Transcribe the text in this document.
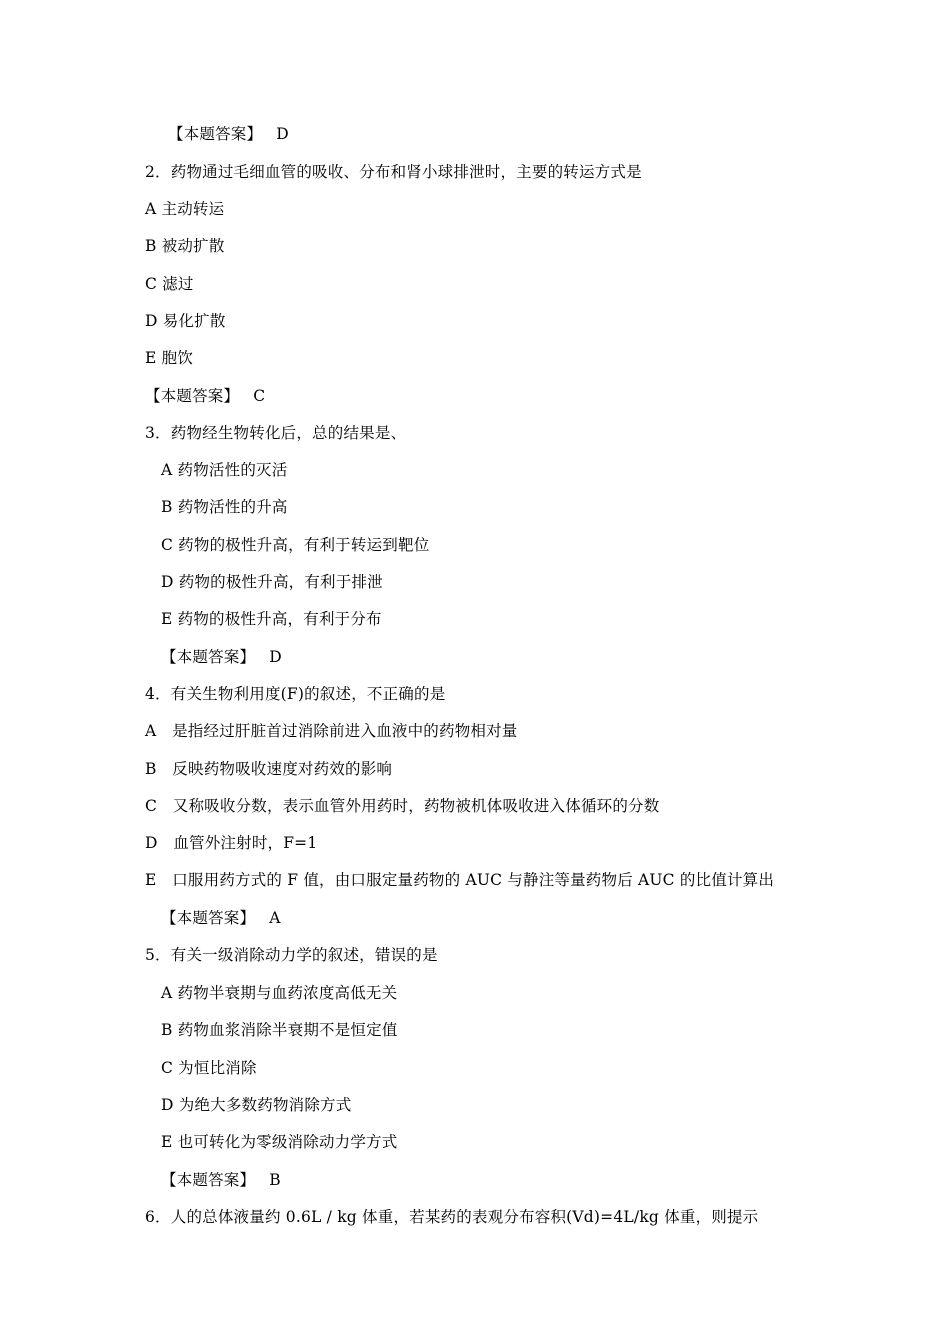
【本题答案】 D
2．药物通过毛细血管的吸收、分布和肾小球排泄时，主要的转运方式是
A 主动转运
B 被动扩散
C 滤过
D 易化扩散
E 胞饮
【本题答案】 C
3．药物经生物转化后，总的结果是、
A 药物活性的灭活
B 药物活性的升高
C 药物的极性升高，有利于转运到靶位
D 药物的极性升高，有利于排泄
E 药物的极性升高，有利于分布
【本题答案】 D
4．有关生物利用度(F)的叙述，不正确的是
A　是指经过肝脏首过消除前进入血液中的药物相对量
B　反映药物吸收速度对药效的影响
C　又称吸收分数，表示血管外用药时，药物被机体吸收进入体循环的分数
D　血管外注射时，F=1
E　口服用药方式的 F 值，由口服定量药物的 AUC 与静注等量药物后 AUC 的比值计算出
【本题答案】 A
5．有关一级消除动力学的叙述，错误的是
A 药物半衰期与血药浓度高低无关
B 药物血浆消除半衰期不是恒定值
C 为恒比消除
D 为绝大多数药物消除方式
E 也可转化为零级消除动力学方式
【本题答案】 B
6．人的总体液量约 0.6L / kg 体重，若某药的表观分布容积(Vd)=4L/kg 体重，则提示
